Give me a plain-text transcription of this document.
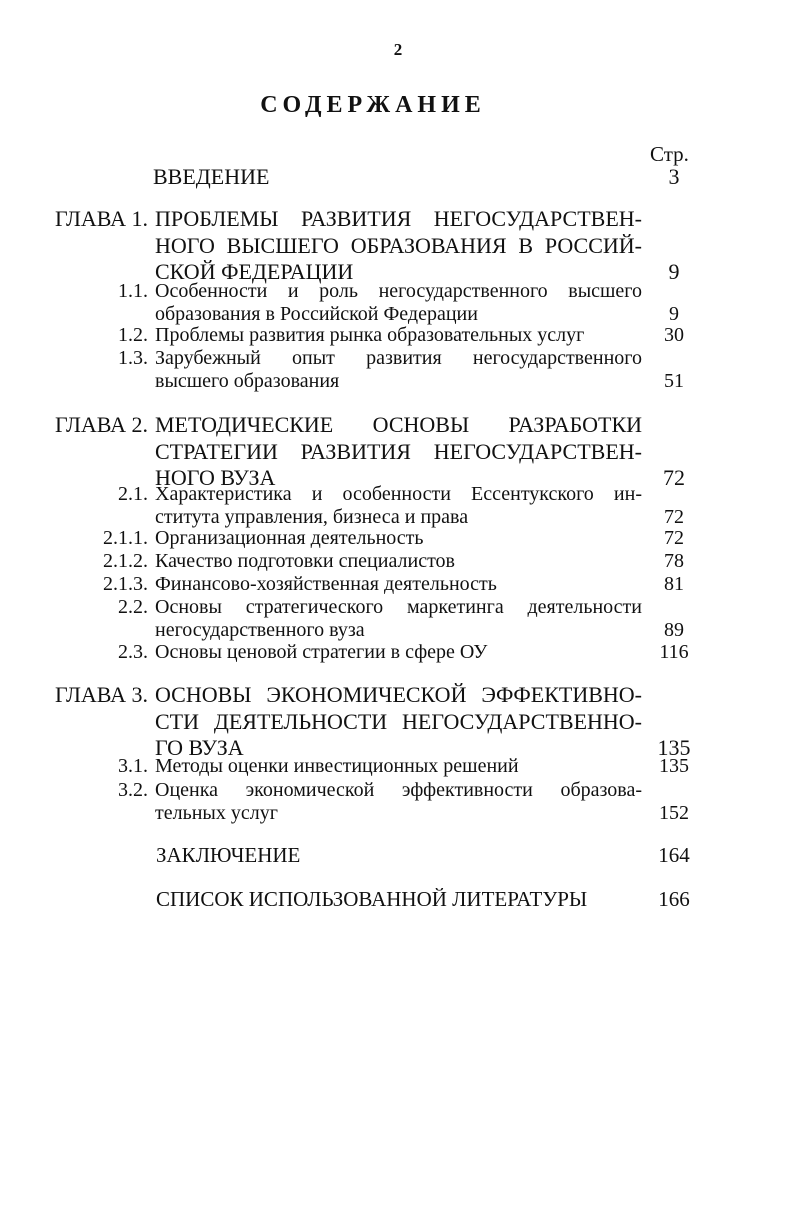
2
СОДЕРЖАНИЕ
Стр.
ВВЕДЕНИЕ	3
ГЛАВА 1. ПРОБЛЕМЫ РАЗВИТИЯ НЕГОСУДАРСТВЕН-
НОГО ВЫСШЕГО ОБРАЗОВАНИЯ В РОССИЙ-
СКОЙ ФЕДЕРАЦИИ	9
1.1. Особенности и роль негосударственного высшего
образования в Российской Федерации	9
1.2. Проблемы развития рынка образовательных услуг	30
1.3. Зарубежный опыт развития негосударственного
высшего образования	51
ГЛАВА 2. МЕТОДИЧЕСКИЕ ОСНОВЫ РАЗРАБОТКИ
СТРАТЕГИИ РАЗВИТИЯ НЕГОСУДАРСТВЕН-
НОГО ВУЗА	72
2.1. Характеристика и особенности Ессентукского ин-
ститута управления, бизнеса и права	72
2.1.1. Организационная деятельность	72
2.1.2. Качество подготовки специалистов	78
2.1.3. Финансово-хозяйственная деятельность	81
2.2. Основы стратегического маркетинга деятельности
негосударственного вуза	89
2.3. Основы ценовой стратегии в сфере ОУ	116
ГЛАВА 3. ОСНОВЫ ЭКОНОМИЧЕСКОЙ ЭФФЕКТИВНО-
СТИ ДЕЯТЕЛЬНОСТИ НЕГОСУДАРСТВЕННО-
ГО ВУЗА	135
3.1. Методы оценки инвестиционных решений	135
3.2. Оценка экономической эффективности образова-
тельных услуг	152
ЗАКЛЮЧЕНИЕ	164
СПИСОК ИСПОЛЬЗОВАННОЙ ЛИТЕРАТУРЫ	166
